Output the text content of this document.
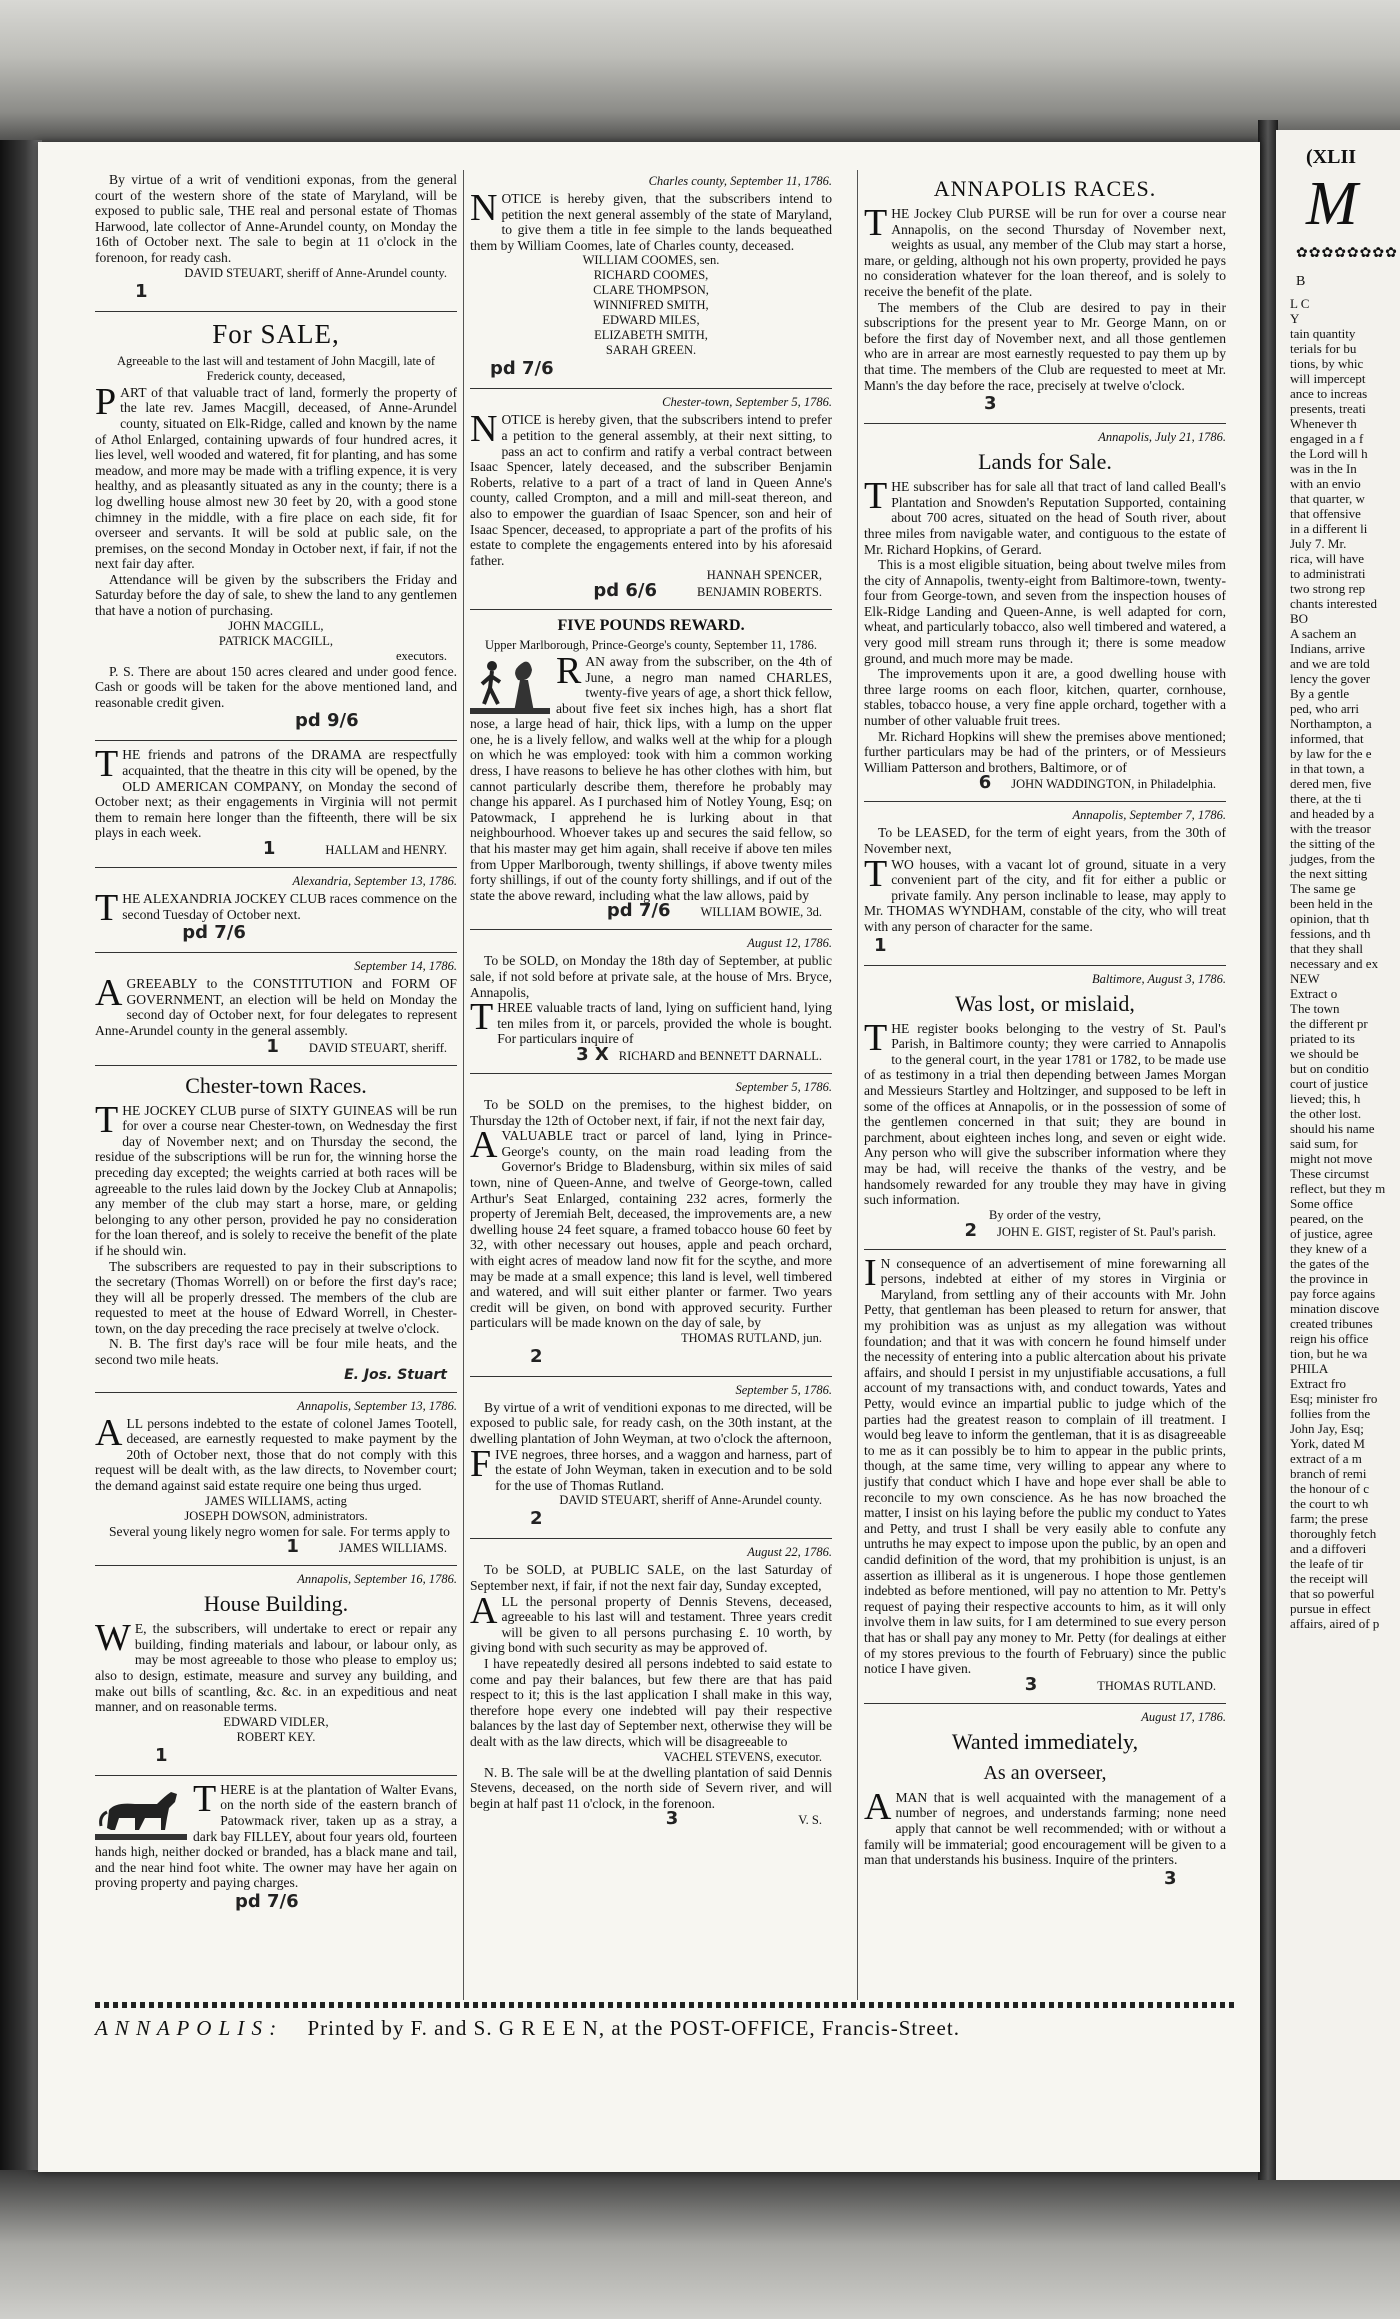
(XLII
M
✿✿✿✿✿✿✿✿
B
L C
Y
tain quantity
terials for bu
tions, by whic
will impercept
ance to increas
presents, treati
Whenever th
engaged in a f
the Lord will h
was in the In
with an envio
that quarter, w
that offensive
in a different li
July 7. Mr.
rica, will have
to administrati
two strong rep
chants interested
BO
A sachem an
Indians, arrive
and we are told
lency the gover
By a gentle
ped, who arri
Northampton, a
informed, that
by law for the e
in that town, a
dered men, five
there, at the ti
and headed by a
with the treasor
the sitting of the
judges, from the
the next sitting
The same ge
been held in the
opinion, that th
fessions, and th
that they shall
necessary and ex
NEW
Extract o
The town
the different pr
priated to its
we should be
but on conditio
court of justice
lieved; this, h
the other lost.
should his name
said sum, for
might not move
These circumst
reflect, but they m
Some office
peared, on the
of justice, agree
they knew of a
the gates of the
the province in
pay force agains
mination discove
created tribunes
reign his office
tion, but he wa
PHILA
Extract fro
Esq; minister fro
follies from the
John Jay, Esq;
York, dated M
extract of a m
branch of remi
the honour of c
the court to wh
farm; the prese
thoroughly fetch
and a diffoveri
the leafe of tir
the receipt will
that so powerful
pursue in effect
affairs, aired of p

By virtue of a writ of venditioni exponas, from the general court of the western shore of the state of Maryland, will be exposed to public sale, THE real and personal estate of Thomas Harwood, late collector of Anne-Arundel county, on Monday the 16th of October next. The sale to begin at 11 o'clock in the forenoon, for ready cash.

DAVID STEUART, sheriff of Anne-Arundel county.

1
For SALE,

Agreeable to the last will and testament of John Macgill, late of Frederick county, deceased,

PART of that valuable tract of land, formerly the property of the late rev. James Macgill, deceased, of Anne-Arundel county, situated on Elk-Ridge, called and known by the name of Athol Enlarged, containing upwards of four hundred acres, it lies level, well wooded and watered, fit for planting, and has some meadow, and more may be made with a trifling expence, it is very healthy, and as pleasantly situated as any in the county; there is a log dwelling house almost new 30 feet by 20, with a good stone chimney in the middle, with a fire place on each side, fit for overseer and servants. It will be sold at public sale, on the premises, on the second Monday in October next, if fair, if not the next fair day after.

Attendance will be given by the subscribers the Friday and Saturday before the day of sale, to shew the land to any gentlemen that have a notion of purchasing.

JOHN MACGILL,

PATRICK MACGILL,

executors.

P. S. There are about 150 acres cleared and under good fence. Cash or goods will be taken for the above mentioned land, and reasonable credit given.

pd 9/6

THE friends and patrons of the DRAMA are respectfully acquainted, that the theatre in this city will be opened, by the OLD AMERICAN COMPANY, on Monday the second of October next; as their engagements in Virginia will not permit them to remain here longer than the fifteenth, there will be six plays in each week.

1	HALLAM and HENRY.

Alexandria, September 13, 1786.

THE ALEXANDRIA JOCKEY CLUB races commence on the second Tuesday of October next.

pd 7/6

September 14, 1786.

AGREEABLY to the CONSTITUTION and FORM OF GOVERNMENT, an election will be held on Monday the second day of October next, for four delegates to represent Anne-Arundel county in the general assembly.

1 DAVID STEUART, sheriff.

Chester-town Races.

THE JOCKEY CLUB purse of SIXTY GUINEAS will be run for over a course near Chester-town, on Wednesday the first day of November next; and on Thursday the second, the residue of the subscriptions will be run for, the winning horse the preceding day excepted; the weights carried at both races will be agreeable to the rules laid down by the Jockey Club at Annapolis; any member of the club may start a horse, mare, or gelding belonging to any other person, provided he pay no consideration for the loan thereof, and is solely to receive the benefit of the plate if he should win.

The subscribers are requested to pay in their subscriptions to the secretary (Thomas Worrell) on or before the first day's race; they will all be properly dressed. The members of the club are requested to meet at the house of Edward Worrell, in Chester-town, on the day preceding the race precisely at twelve o'clock.

N. B. The first day's race will be four mile heats, and the second two mile heats.

E. Jos. Stuart

Annapolis, September 13, 1786.

ALL persons indebted to the estate of colonel James Tootell, deceased, are earnestly requested to make payment by the 20th of October next, those that do not comply with this request will be dealt with, as the law directs, to November court; the demand against said estate require one being thus urged.

JAMES WILLIAMS, acting

JOSEPH DOWSON, administrators.

Several young likely negro women for sale. For terms apply to

1	JAMES WILLIAMS.

Annapolis, September 16, 1786.

House Building.

W E, the subscribers, will undertake to erect or repair any building, finding materials and labour, or labour only, as may be most agreeable to those who please to employ us; also to design, estimate, measure and survey any building, and make out bills of scantling, &c. &c. in an expeditious and neat manner, and on reasonable terms.

EDWARD VIDLER,

ROBERT KEY.

1

THERE is at the plantation of Walter Evans, on the north side of the eastern branch of Patowmack river, taken up as a stray, a dark bay FILLEY, about four years old, fourteen hands high, neither docked or branded, has a black mane and tail, and the near hind foot white. The owner may have her again on proving property and paying charges.

pd 7/6

Charles county, September 11, 1786.

NOTICE is hereby given, that the subscribers intend to petition the next general assembly of the state of Maryland, to give them a title in fee simple to the lands bequeathed them by William Coomes, late of Charles county, deceased.

WILLIAM COOMES, sen.

RICHARD COOMES,

CLARE THOMPSON,

WINNIFRED SMITH,

EDWARD MILES,

ELIZABETH SMITH,

SARAH GREEN.

pd 7/6

Chester-town, September 5, 1786.

NOTICE is hereby given, that the subscribers intend to prefer a petition to the general assembly, at their next sitting, to pass an act to confirm and ratify a verbal contract between Isaac Spencer, lately deceased, and the subscriber Benjamin Roberts, relative to a part of a tract of land in Queen Anne's county, called Crompton, and a mill and mill-seat thereon, and also to empower the guardian of Isaac Spencer, son and heir of Isaac Spencer, deceased, to appropriate a part of the profits of his estate to complete the engagements entered into by his aforesaid father.

HANNAH SPENCER,

pd 6/6	BENJAMIN ROBERTS.

FIVE POUNDS REWARD.

Upper Marlborough, Prince-George's county, September 11, 1786.

RAN away from the subscriber, on the 4th of June, a negro man named CHARLES, twenty-five years of age, a short thick fellow, about five feet six inches high, has a short flat nose, a large head of hair, thick lips, with a lump on the upper one, he is a lively fellow, and walks well at the whip for a plough on which he was employed: took with him a common working dress, I have reasons to believe he has other clothes with him, but cannot particularly describe them, therefore he probably may change his apparel. As I purchased him of Notley Young, Esq; on Patowmack, I apprehend he is lurking about in that neighbourhood. Whoever takes up and secures the said fellow, so that his master may get him again, shall receive if above ten miles from Upper Marlborough, twenty shillings, if above twenty miles forty shillings, if out of the county forty shillings, and if out of the state the above reward, including what the law allows, paid by

pd 7/6 WILLIAM BOWIE, 3d.

August 12, 1786.

To be SOLD, on Monday the 18th day of September, at public sale, if not sold before at private sale, at the house of Mrs. Bryce, Annapolis,

THREE valuable tracts of land, lying on sufficient hand, lying ten miles from it, or parcels, provided the whole is bought. For particulars inquire of

3 X RICHARD and BENNETT DARNALL.

September 5, 1786.

To be SOLD on the premises, to the highest bidder, on Thursday the 12th of October next, if fair, if not the next fair day,

AVALUABLE tract or parcel of land, lying in Prince-George's county, on the main road leading from the Governor's Bridge to Bladensburg, within six miles of said town, nine of Queen-Anne, and twelve of George-town, called Arthur's Seat Enlarged, containing 232 acres, formerly the property of Jeremiah Belt, deceased, the improvements are, a new dwelling house 24 feet square, a framed tobacco house 60 feet by 32, with other necessary out houses, apple and peach orchard, with eight acres of meadow land now fit for the scythe, and more may be made at a small expence; this land is level, well timbered and watered, and will suit either planter or farmer. Two years credit will be given, on bond with approved security. Further particulars will be made known on the day of sale, by

THOMAS RUTLAND, jun.

2

September 5, 1786.

By virtue of a writ of venditioni exponas to me directed, will be exposed to public sale, for ready cash, on the 30th instant, at the dwelling plantation of John Weyman, at two o'clock the afternoon,

FIVE negroes, three horses, and a waggon and harness, part of the estate of John Weyman, taken in execution and to be sold for the use of Thomas Rutland.

DAVID STEUART, sheriff of Anne-Arundel county.

2

August 22, 1786.

To be SOLD, at PUBLIC SALE, on the last Saturday of September next, if fair, if not the next fair day, Sunday excepted,

ALL the personal property of Dennis Stevens, deceased, agreeable to his last will and testament. Three years credit will be given to all persons purchasing £. 10 worth, by giving bond with such security as may be approved of.

I have repeatedly desired all persons indebted to said estate to come and pay their balances, but few there are that has paid respect to it; this is the last application I shall make in this way, therefore hope every one indebted will pay their respective balances by the last day of September next, otherwise they will be dealt with as the law directs, which will be disagreeable to

VACHEL STEVENS, executor.

N. B. The sale will be at the dwelling plantation of said Dennis Stevens, deceased, on the north side of Severn river, and will begin at half past 11 o'clock, in the forenoon.

3	V. S.

ANNAPOLIS RACES.

THE Jockey Club PURSE will be run for over a course near Annapolis, on the second Thursday of November next, weights as usual, any member of the Club may start a horse, mare, or gelding, although not his own property, provided he pays no consideration whatever for the loan thereof, and is solely to receive the benefit of the plate.

The members of the Club are desired to pay in their subscriptions for the present year to Mr. George Mann, on or before the first day of November next, and all those gentlemen who are in arrear are most earnestly requested to pay them up by that time. The members of the Club are requested to meet at Mr. Mann's the day before the race, precisely at twelve o'clock.

3

Annapolis, July 21, 1786.

Lands for Sale.

THE subscriber has for sale all that tract of land called Beall's Plantation and Snowden's Reputation Supported, containing about 700 acres, situated on the head of South river, about three miles from navigable water, and contiguous to the estate of Mr. Richard Hopkins, of Gerard.

This is a most eligible situation, being about twelve miles from the city of Annapolis, twenty-eight from Baltimore-town, twenty-four from George-town, and seven from the inspection houses of Elk-Ridge Landing and Queen-Anne, is well adapted for corn, wheat, and particularly tobacco, also well timbered and watered, a very good mill stream runs through it; there is some meadow ground, and much more may be made.

The improvements upon it are, a good dwelling house with three large rooms on each floor, kitchen, quarter, cornhouse, stables, tobacco house, a very fine apple orchard, together with a number of other valuable fruit trees.

Mr. Richard Hopkins will shew the premises above mentioned; further particulars may be had of the printers, or of Messieurs William Patterson and brothers, Baltimore, or of

6 JOHN WADDINGTON, in Philadelphia.

Annapolis, September 7, 1786.

To be LEASED, for the term of eight years, from the 30th of November next,

TWO houses, with a vacant lot of ground, situate in a very convenient part of the city, and fit for either a public or private family. Any person inclinable to lease, may apply to Mr. THOMAS WYNDHAM, constable of the city, who will treat with any person of character for the same.

1

Baltimore, August 3, 1786.

Was lost, or mislaid,

THE register books belonging to the vestry of St. Paul's Parish, in Baltimore county; they were carried to Annapolis to the general court, in the year 1781 or 1782, to be made use of as testimony in a trial then depending between James Morgan and Messieurs Startley and Holtzinger, and supposed to be left in some of the offices at Annapolis, or in the possession of some of the gentlemen concerned in that suit; they are bound in parchment, about eighteen inches long, and seven or eight wide. Any person who will give the subscriber information where they may be had, will receive the thanks of the vestry, and be handsomely rewarded for any trouble they may have in giving such information.

By order of the vestry,

2 JOHN E. GIST, register of St. Paul's parish.

I N consequence of an advertisement of mine forewarning all persons, indebted at either of my stores in Virginia or Maryland, from settling any of their accounts with Mr. John Petty, that gentleman has been pleased to return for answer, that my prohibition was as unjust as my allegation was without foundation; and that it was with concern he found himself under the necessity of entering into a public altercation about his private affairs, and should I persist in my unjustifiable accusations, a full account of my transactions with, and conduct towards, Yates and Petty, would evince an impartial public to judge which of the parties had the greatest reason to complain of ill treatment. I would beg leave to inform the gentleman, that it is as disagreeable to me as it can possibly be to him to appear in the public prints, though, at the same time, very willing to appear any where to justify that conduct which I have and hope ever shall be able to reconcile to my own conscience. As he has now broached the matter, I insist on his laying before the public my conduct to Yates and Petty, and trust I shall be very easily able to confute any untruths he may expect to impose upon the public, by an open and candid definition of the word, that my prohibition is unjust, is an assertion as illiberal as it is ungenerous. I hope those gentlemen indebted as before mentioned, will pay no attention to Mr. Petty's request of paying their respective accounts to him, as it will only involve them in law suits, for I am determined to sue every person that has or shall pay any money to Mr. Petty (for dealings at either of my stores previous to the fourth of February) since the public notice I have given.

3	THOMAS RUTLAND.

August 17, 1786.

Wanted immediately,
As an overseer,

AMAN that is well acquainted with the management of a number of negroes, and understands farming; none need apply that cannot be well recommended; with or without a family will be immaterial; good encouragement will be given to a man that understands his business. Inquire of the printers.

3
A N N A P O L I S : Printed by F. and S. G R E E N, at the POST-OFFICE, Francis-Street.
